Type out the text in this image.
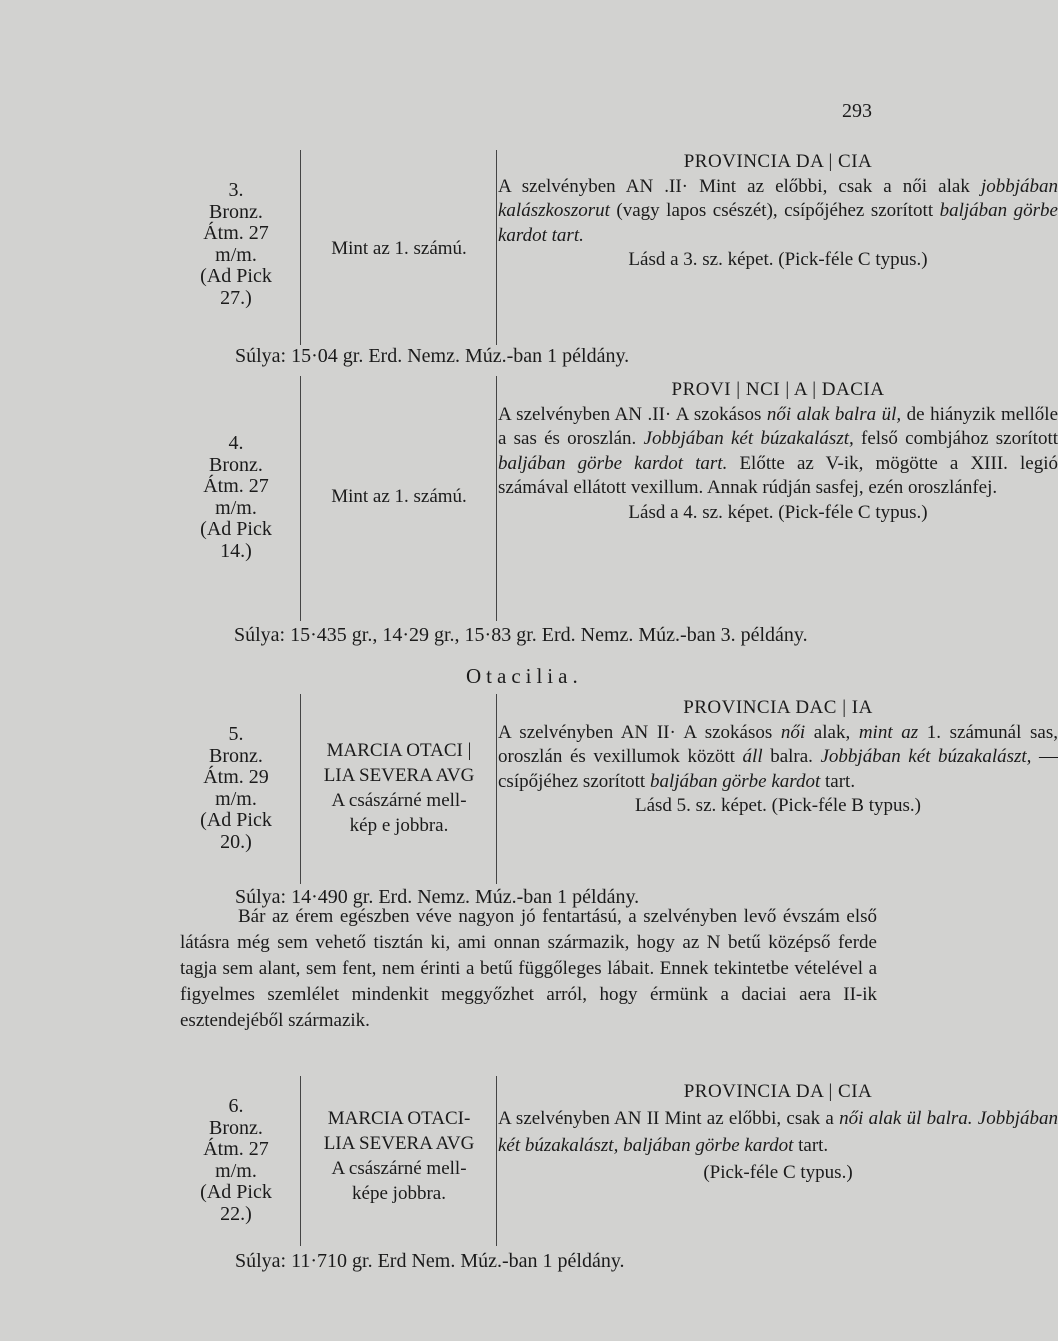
293
3.
Bronz.
Átm. 27
m/m.
(Ad Pick
27.)
Mint az 1. számú.
PROVINCIA DA | CIA

A szelvényben AN .II· Mint az előbbi, csak a női alak jobbjában kalászkoszorut (vagy lapos csészét), csípőjéhez szorított baljában görbe kardot tart.

Lásd a 3. sz. képet. (Pick-féle C typus.)
Súlya: 15·04 gr. Erd. Nemz. Múz.-ban 1 példány.
4.
Bronz.
Átm. 27
m/m.
(Ad Pick
14.)
Mint az 1. számú.
PROVI | NCI | A | DACIA

A szelvényben AN .II· A szokásos női alak balra ül, de hiányzik mellőle a sas és oroszlán. Jobbjában két búzakalászt, felső combjához szorított baljában görbe kardot tart. Előtte az V-ik, mögötte a XIII. legió számával ellátott vexillum. Annak rúdján sasfej, ezén oroszlánfej.

Lásd a 4. sz. képet. (Pick-féle C typus.)
Súlya: 15·435 gr., 14·29 gr., 15·83 gr. Erd. Nemz. Múz.-ban 3. példány.
Otacilia.
5.
Bronz.
Átm. 29
m/m.
(Ad Pick
20.)
MARCIA OTACI |
LIA SEVERA AVG
A császárné mell-
kép e jobbra.
PROVINCIA DAC | IA

A szelvényben AN II· A szokásos női alak, mint az 1. számunál sas, oroszlán és vexillumok között áll balra. Jobbjában két búzakalászt, — csípőjéhez szorított baljában görbe kardot tart.

Lásd 5. sz. képet. (Pick-féle B typus.)
Súlya: 14·490 gr. Erd. Nemz. Múz.-ban 1 példány.

Bár az érem egészben véve nagyon jó fentartású, a szelvényben levő évszám első látásra még sem vehető tisztán ki, ami onnan származik, hogy az N betű középső ferde tagja sem alant, sem fent, nem érinti a betű függőleges lábait. Ennek tekintetbe vételével a figyelmes szemlélet mindenkit meggyőzhet arról, hogy érmünk a daciai aera II-ik esztendejéből származik.

6.
Bronz.
Átm. 27
m/m.
(Ad Pick
22.)
MARCIA OTACI-
LIA SEVERA AVG
A császárné mell-
képe jobbra.
PROVINCIA DA | CIA

A szelvényben AN II Mint az előbbi, csak a női alak ül balra. Jobbjában két búzakalászt, baljában görbe kardot tart.

(Pick-féle C typus.)
Súlya: 11·710 gr. Erd Nem. Múz.-ban 1 példány.
